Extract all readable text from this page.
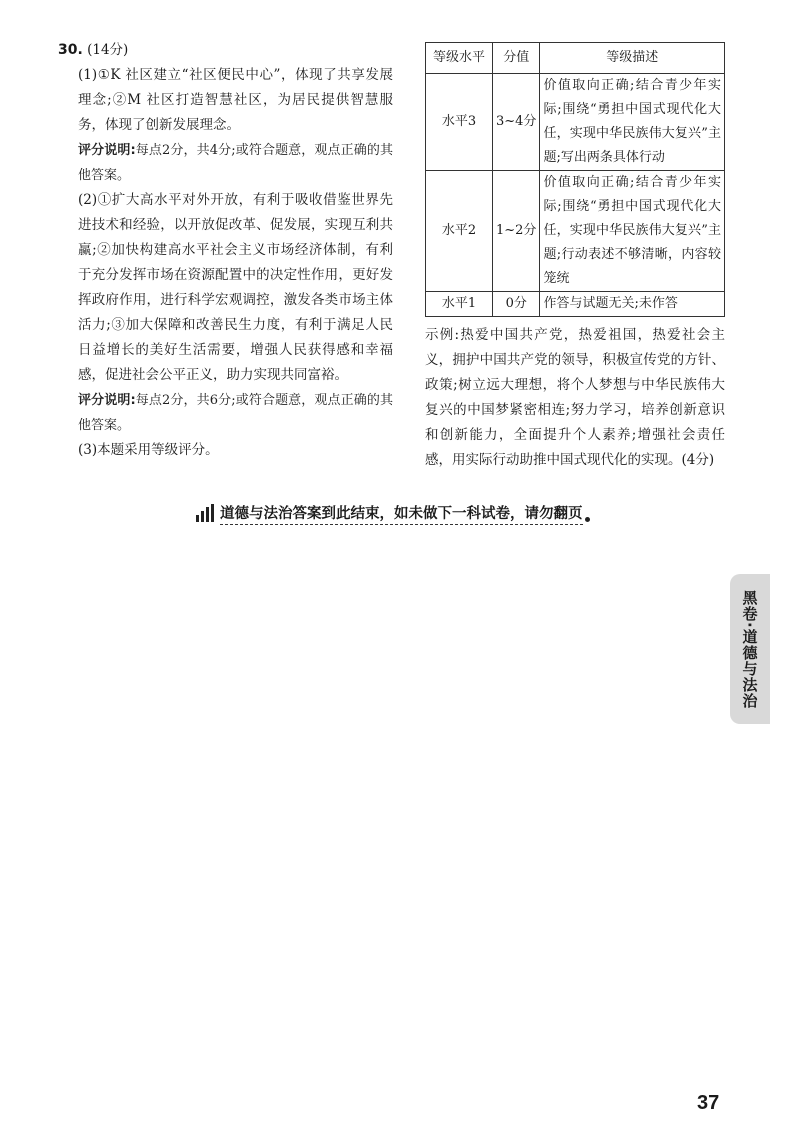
30. (14分)

(1)①K 社区建立“社区便民中心”，体现了共享发展理念;②M 社区打造智慧社区，为居民提供智慧服务，体现了创新发展理念。

评分说明:每点2分，共4分;或符合题意，观点正确的其他答案。

(2)①扩大高水平对外开放，有利于吸收借鉴世界先进技术和经验，以开放促改革、促发展，实现互利共赢;②加快构建高水平社会主义市场经济体制，有利于充分发挥市场在资源配置中的决定性作用，更好发挥政府作用，进行科学宏观调控，激发各类市场主体活力;③加大保障和改善民生力度，有利于满足人民日益增长的美好生活需要，增强人民获得感和幸福感，促进社会公平正义，助力实现共同富裕。

评分说明:每点2分，共6分;或符合题意，观点正确的其他答案。

(3)本题采用等级评分。

等级水平	分值	等级描述
水平3	3~4分	价值取向正确;结合青少年实际;围绕“勇担中国式现代化大任，实现中华民族伟大复兴”主题;写出两条具体行动
水平2	1~2分	价值取向正确;结合青少年实际;围绕“勇担中国式现代化大任，实现中华民族伟大复兴”主题;行动表述不够清晰，内容较笼统
水平1	0分	作答与试题无关;未作答

示例:热爱中国共产党，热爱祖国，热爱社会主义，拥护中国共产党的领导，积极宣传党的方针、政策;树立远大理想，将个人梦想与中华民族伟大复兴的中国梦紧密相连;努力学习，培养创新意识和创新能力，全面提升个人素养;增强社会责任感，用实际行动助推中国式现代化的实现。(4分)

道德与法治答案到此结束，如未做下一科试卷，请勿翻页
黑卷·道德与法治
37
